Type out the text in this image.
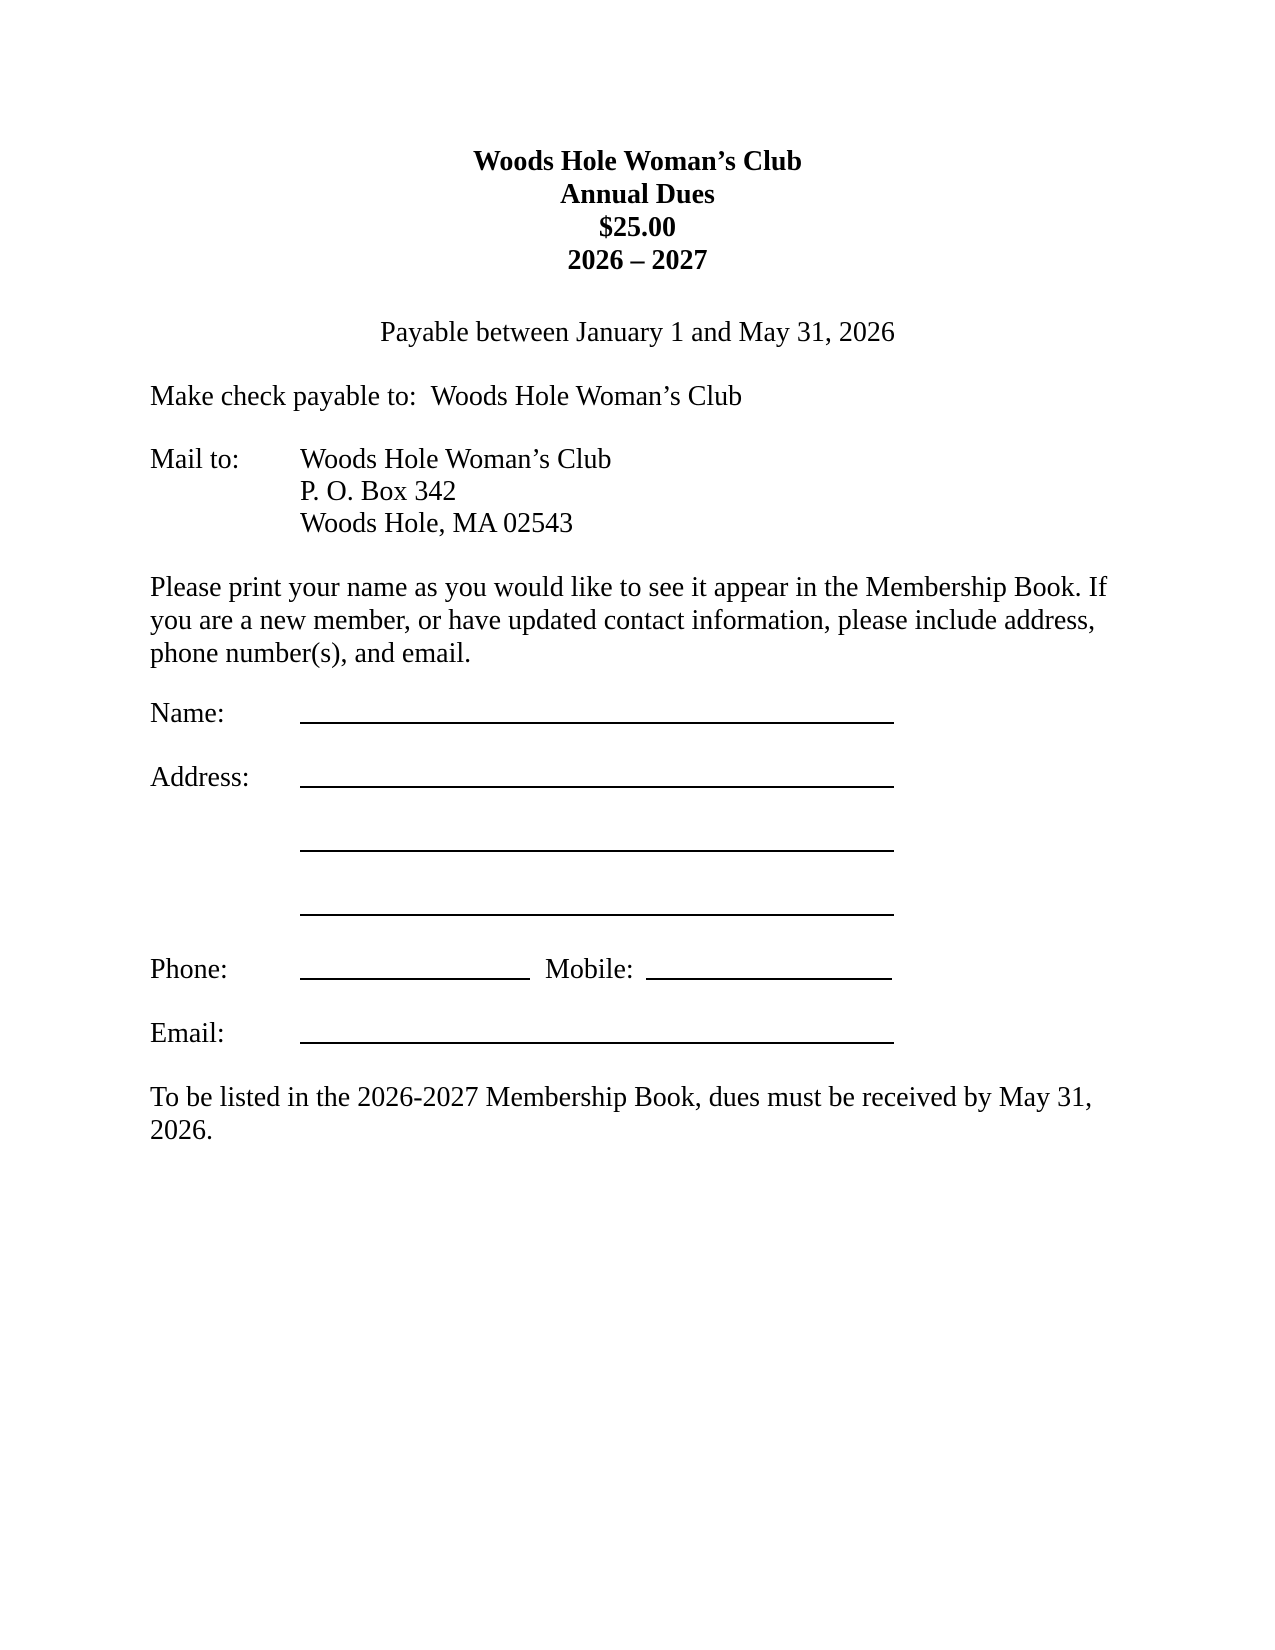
Woods Hole Woman’s Club
Annual Dues
$25.00
2026 – 2027
Payable between January 1 and May 31, 2026
Make check payable to: Woods Hole Woman’s Club
Mail to: Woods Hole Woman’s Club
P. O. Box 342
Woods Hole, MA 02543
Please print your name as you would like to see it appear in the Membership Book. If you are a new member, or have updated contact information, please include address, phone number(s), and email.
Name:
Address:
Phone:	Mobile:
Email:
To be listed in the 2026-2027 Membership Book, dues must be received by May 31, 2026.
